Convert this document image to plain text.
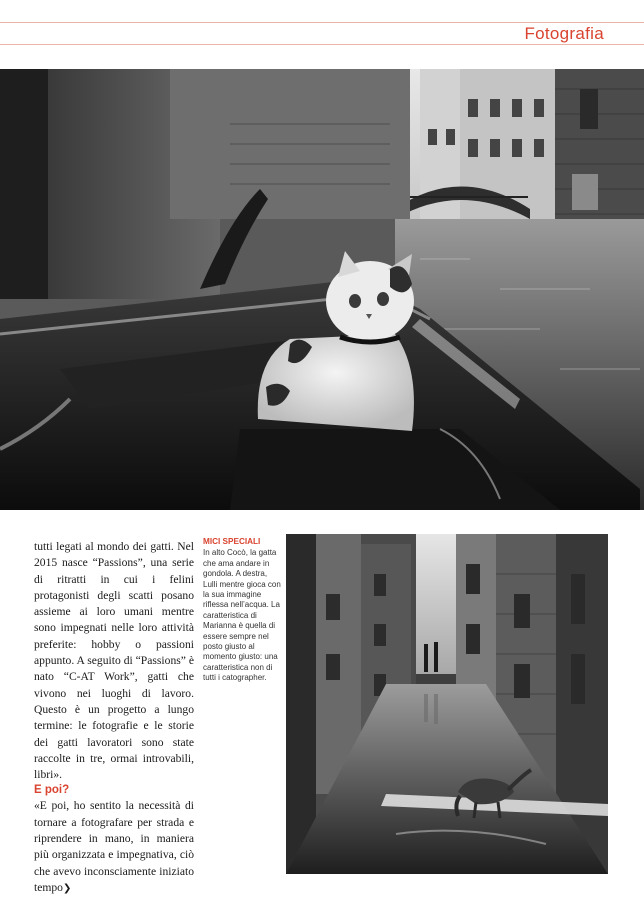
Fotografia

tutti legati al mondo dei gatti. Nel 2015 nasce “Passions”, una serie di ritratti in cui i felini protagonisti degli scatti posano assieme ai loro umani mentre sono impegnati nelle loro attività preferite: hobby o passioni appunto. A seguito di “Passions” è nato “C-AT Work”, gatti che vivono nei luoghi di lavoro. Questo è un progetto a lungo termine: le fotografie e le storie dei gatti lavoratori sono state raccolte in tre, ormai introvabili, libri».

E poi?

«E poi, ho sentito la necessità di tornare a fotografare per strada e riprendere in mano, in maniera più organizzata e impegnativa, ciò che avevo inconsciamente iniziato tempo❯

MICI SPECIALI
In alto Cocò, la gatta che ama andare in gondola. A destra, Lulli mentre gioca con la sua immagine riflessa nell’acqua. La caratteristica di Marianna è quella di essere sempre nel posto giusto al momento giusto: una caratteristica non di tutti i catographer.
